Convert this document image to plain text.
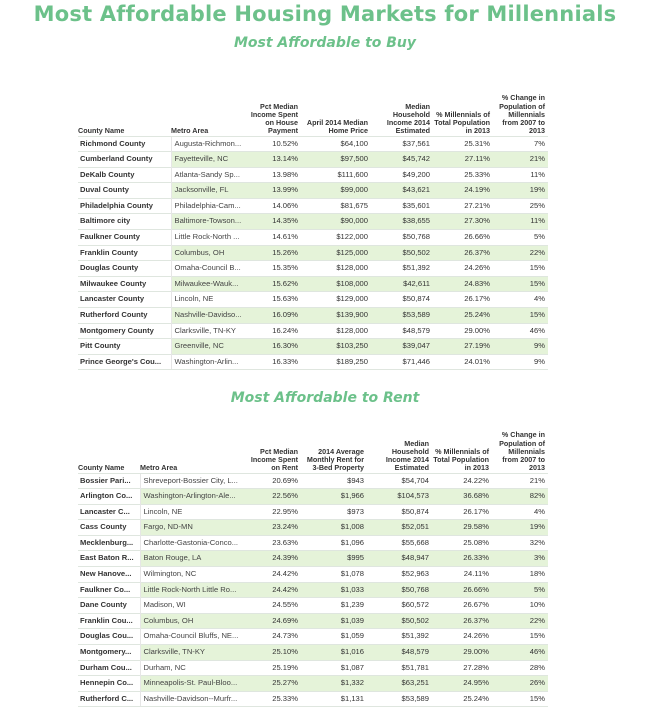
Most Affordable Housing Markets for Millennials
Most Affordable to Buy
County Name	Metro Area	Pct Median Income Spent on House Payment	April 2014 Median Home Price	Median Household Income 2014 Estimated	% Millennials of Total Population in 2013	% Change in Population of Millennials from 2007 to 2013
Richmond County	Augusta-Richmon...	10.52%	$64,100	$37,561	25.31%	7%
Cumberland County	Fayetteville, NC	13.14%	$97,500	$45,742	27.11%	21%
DeKalb County	Atlanta-Sandy Sp...	13.98%	$111,600	$49,200	25.33%	11%
Duval County	Jacksonville, FL	13.99%	$99,000	$43,621	24.19%	19%
Philadelphia County	Philadelphia-Cam...	14.06%	$81,675	$35,601	27.21%	25%
Baltimore city	Baltimore-Towson...	14.35%	$90,000	$38,655	27.30%	11%
Faulkner County	Little Rock-North ...	14.61%	$122,000	$50,768	26.66%	5%
Franklin County	Columbus, OH	15.26%	$125,000	$50,502	26.37%	22%
Douglas County	Omaha-Council B...	15.35%	$128,000	$51,392	24.26%	15%
Milwaukee County	Milwaukee-Wauk...	15.62%	$108,000	$42,611	24.83%	15%
Lancaster County	Lincoln, NE	15.63%	$129,000	$50,874	26.17%	4%
Rutherford County	Nashville-Davidso...	16.09%	$139,900	$53,589	25.24%	15%
Montgomery County	Clarksville, TN-KY	16.24%	$128,000	$48,579	29.00%	46%
Pitt County	Greenville, NC	16.30%	$103,250	$39,047	27.19%	9%
Prince George's Cou...	Washington-Arlin...	16.33%	$189,250	$71,446	24.01%	9%
Most Affordable to Rent
County Name	Metro Area	Pct Median Income Spent on Rent	2014 Average Monthly Rent for 3-Bed Property	Median Household Income 2014 Estimated	% Millennials of Total Population in 2013	% Change in Population of Millennials from 2007 to 2013
Bossier Pari...	Shreveport-Bossier City, L...	20.69%	$943	$54,704	24.22%	21%
Arlington Co...	Washington-Arlington-Ale...	22.56%	$1,966	$104,573	36.68%	82%
Lancaster C...	Lincoln, NE	22.95%	$973	$50,874	26.17%	4%
Cass County	Fargo, ND-MN	23.24%	$1,008	$52,051	29.58%	19%
Mecklenburg...	Charlotte-Gastonia-Conco...	23.63%	$1,096	$55,668	25.08%	32%
East Baton R...	Baton Rouge, LA	24.39%	$995	$48,947	26.33%	3%
New Hanove...	Wilmington, NC	24.42%	$1,078	$52,963	24.11%	18%
Faulkner Co...	Little Rock-North Little Ro...	24.42%	$1,033	$50,768	26.66%	5%
Dane County	Madison, WI	24.55%	$1,239	$60,572	26.67%	10%
Franklin Cou...	Columbus, OH	24.69%	$1,039	$50,502	26.37%	22%
Douglas Cou...	Omaha-Council Bluffs, NE...	24.73%	$1,059	$51,392	24.26%	15%
Montgomery...	Clarksville, TN-KY	25.10%	$1,016	$48,579	29.00%	46%
Durham Cou...	Durham, NC	25.19%	$1,087	$51,781	27.28%	28%
Hennepin Co...	Minneapolis-St. Paul-Bloo...	25.27%	$1,332	$63,251	24.95%	26%
Rutherford C...	Nashville-Davidson--Murfr...	25.33%	$1,131	$53,589	25.24%	15%
